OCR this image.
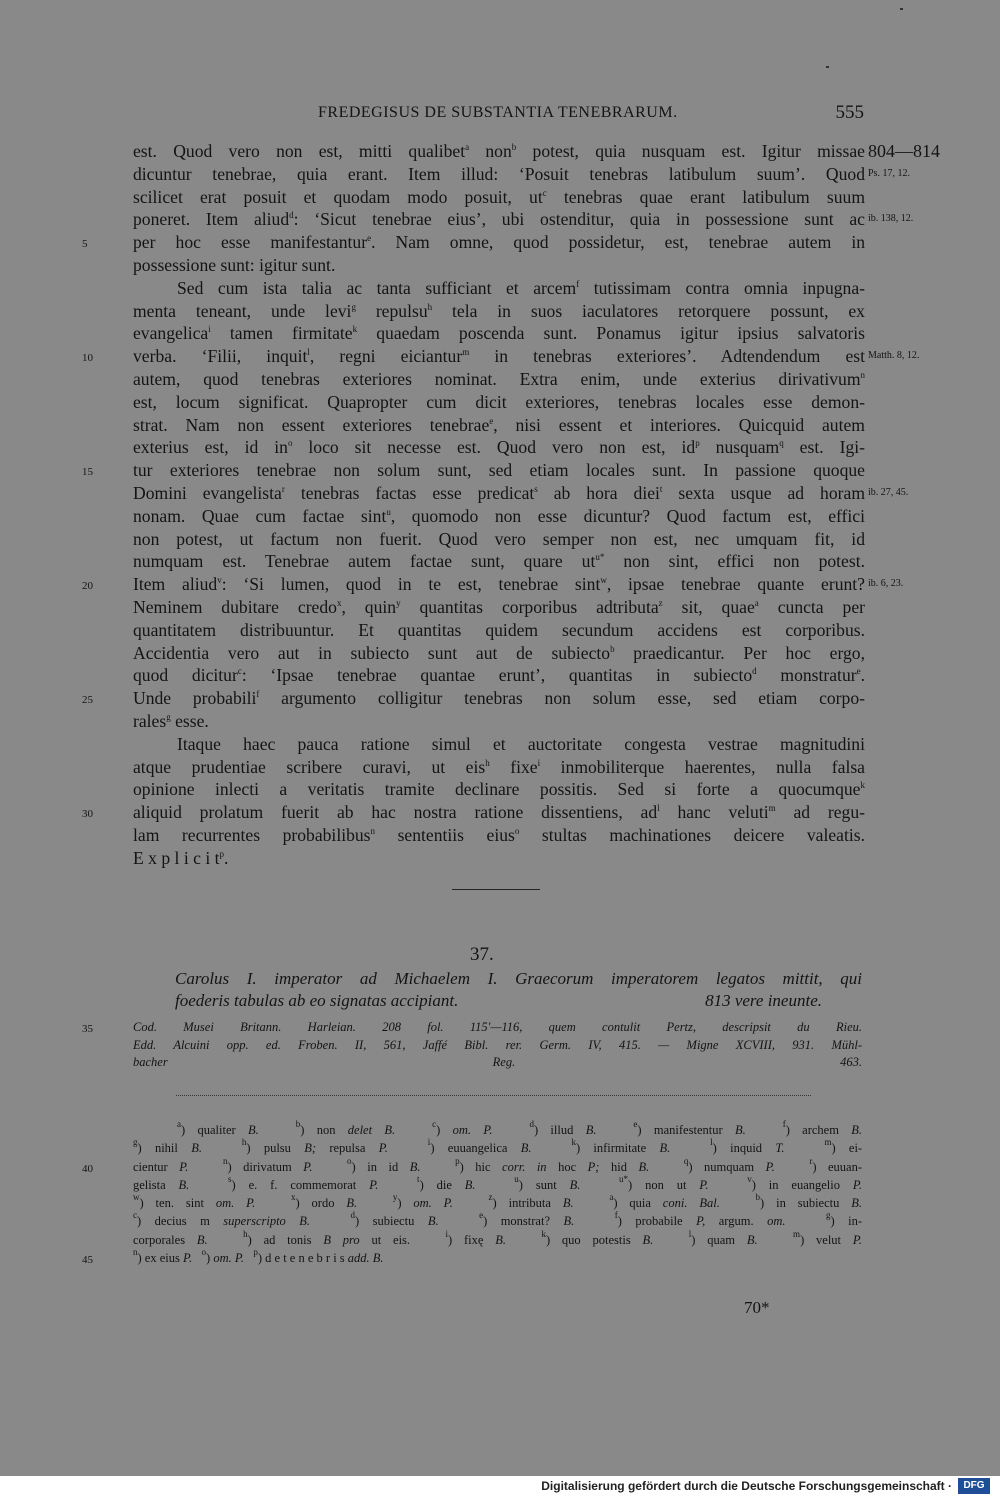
FREDEGISUS DE SUBSTANTIA TENEBRARUM.	555
est. Quod vero non est, mitti qualibet$^a$ non$^b$ potest, quia nusquam est. Igitur missae 804—814
dicuntur tenebrae, quia erant. Item illud: ‘Posuit tenebras latibulum suum’. Quod Ps. 17, 12.
scilicet erat posuit et quodam modo posuit, $ut^c$ tenebras quae erant latibulum suum
poneret. Item aliud$^d$: ‘Sicut tenebrae eius’, ubi ostenditur, quia in possessione sunt ac ib. 138, 12.
per hoc esse manifestantur$^e$. Nam omne, quod possidetur, est, tenebrae autem in
5
possessione sunt: igitur sunt.
Sed cum ista talia ac tanta sufficiant et arcem$^f$ tutissimam contra omnia inpugna-
menta teneant, unde levi$^g$ repulsu$^h$ tela in suos iaculatores retorquere possunt, ex
evangelica$^i$ tamen firmitate$^k$ quaedam poscenda sunt. Ponamus igitur ipsius salvatoris
verba. ‘Filii, inquit$^l$, regni eiciantur$^m$ in tenebras exteriores’. Adtendendum est
10	Matth. 8, 12.
autem, quod tenebras exteriores nominat. Extra enim, unde exterius dirivativum$^n$
est, locum significat. Quapropter cum dicit exteriores, tenebras locales esse demon-
strat. Nam non essent exteriores tenebrae$^e$, nisi essent et interiores. Quicquid autem
exterius est, id $in^o$ loco sit necesse est. Quod vero non est, $id^p$ nusquam$^q$ est. Igi-
tur exteriores tenebrae non solum sunt, sed etiam locales sunt. In passione quoque
15
Domini evangelista$^r$ tenebras factas esse predicat$^s$ ab hora diei$^t$ sexta usque ad horam ib. 27, 45.
nonam. Quae cum factae sint$^u$, quomodo non esse dicuntur? Quod factum est, effici
non potest, ut factum non fuerit. Quod vero semper non est, nec umquam fit, id
numquam est. Tenebrae autem factae sunt, quare $ut^{u*}$ non sint, effici non potest.
Item aliud$^v$: ‘Si lumen, quod in te est, tenebrae sint$^w$, ipsae tenebrae quante erunt?
20	ib. 6, 23.
Neminem dubitare credo$^x$, quin$^y$ quantitas corporibus adtributa$^z$ sit, quae$^a$ cuncta per
quantitatem distribuuntur. Et quantitas quidem secundum accidens est corporibus.
Accidentia vero aut in subiecto sunt aut de subiecto$^b$ praedicantur. Per hoc ergo,
quod dicitur$^c$: ‘Ipsae tenebrae quantae erunt’, quantitas in subiecto$^d$ monstratur$^e$.
Unde probabili$^f$ argumento colligitur tenebras non solum esse, sed etiam corpo-
25
rales$^g$ esse.
Itaque haec pauca ratione simul et auctoritate congesta vestrae magnitudini
atque prudentiae scribere curavi, ut eis$^h$ fixe$^i$ inmobiliterque haerentes, nulla falsa
opinione inlecti a veritatis tramite declinare possitis. Sed si forte a quocumque$^k$
aliquid prolatum fuerit ab hac nostra ratione dissentiens, $ad^l$ hanc veluti$^m$ ad regu-
30
lam recurrentes probabilibus$^n$ sententiis eius$^o$ stultas machinationes deicere valeatis.
E x p l i c i $t^p$.
37.
Carolus I. imperator ad Michaelem I. Graecorum imperatorem legatos mittit, qui
foederis tabulas ab eo signatas accipiant.	813 vere ineunte.
Cod. Musei Britann. Harleian. 208 fol. 115'—116, quem contulit Pertz, descripsit du Rieu.
35
Edd. Alcuini opp. ed. Froben. II, 561, Jaffé Bibl. rer. Germ. IV, 415. — Migne XCVIII, 931. Mühl-
bacher Reg. 463.
$^a$) qualiter B.	$^b$) non delet B.	$^c$) om. P.	$^d$) illud B.	$^e$) manifestentur B.	$^f$) archem B.
$^g$) nihil B.	$^h$) pulsu B; repulsa P.	$^i$) euuangelica B.	$^k$) infirmitate B.	$^l$) inquid T.	$^m$) ei-
cientur P.	$^n$) dirivatum P.	$^o$) in id B.	$^p$) hic corr. in hoc P; hid B.	$^q$) numquam P.	$^r$) euuan-
40
gelista B.	$^s$) e. f. commemorat P.	$^t$) die B.	$^u$) sunt B.	$^{u*}$) non ut P.	$^v$) in euangelio P.
$^w$) ten. sint om. P.	$^x$) ordo B.	$^y$) om. P.	$^z$) intributa B.	$^a$) quia coni. Bal.	$^b$) in subiectu B.
$^c$) decius m superscripto B.	$^d$) subiectu B.	$^e$) monstrat? B.	$^f$) probabile P, argum. om.	$^g$) in-
corporales B.	$^h$) ad tonis B pro ut eis.   $^i$) fixę B.	$^k$) quo potestis B.	$^l$) quam B.	$^m$) velut P.
$^n$) ex eius P. $^o$) om. P. $^p$) d e t e n e b r i s add. B.
45
70*
Digitalisierung gefördert durch die Deutsche Forschungsgemeinschaft ·	DFG
